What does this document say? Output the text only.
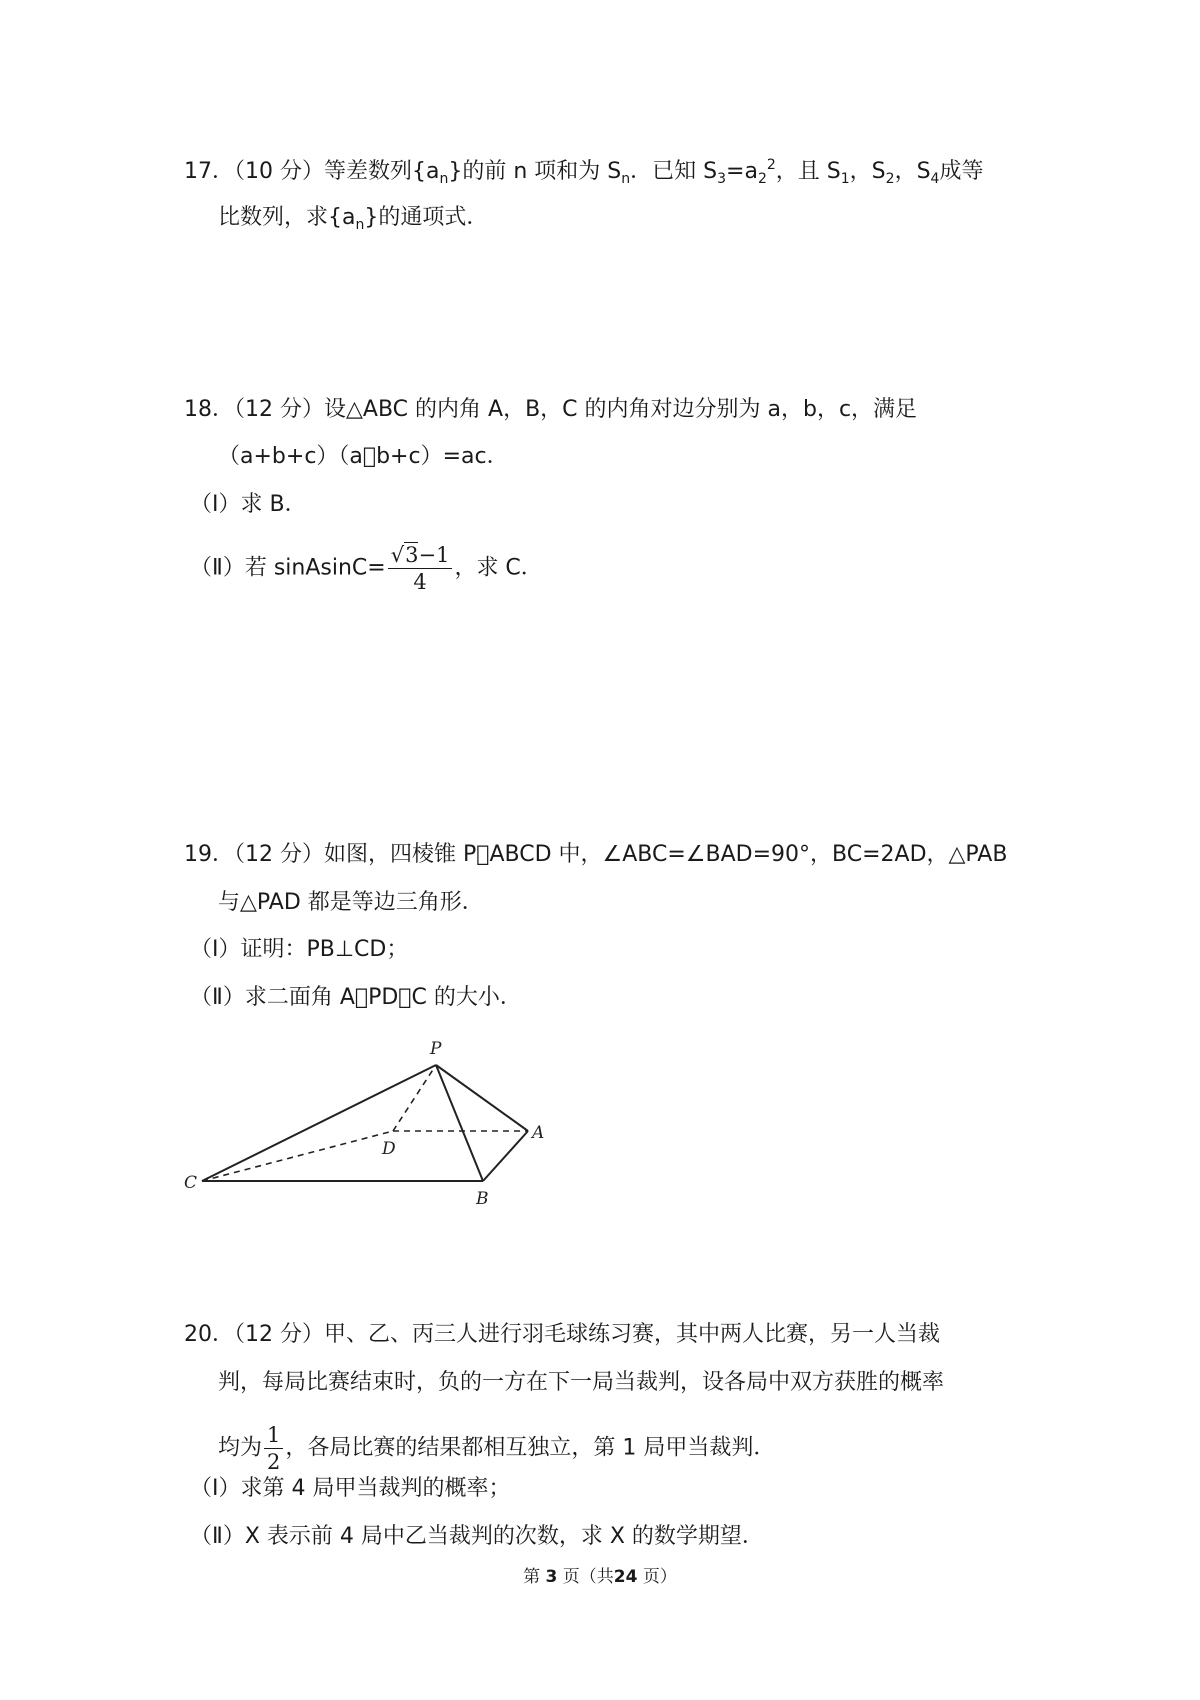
17．（10 分）等差数列$\{a_n\}$的前 n 项和为 $S_n$．已知 $S_3=a_2^2$，且 $S_1$，$S_2$，$S_4$成等
比数列，求$\{a_n\}$的通项式．
18．（12 分）设△ABC 的内角 A，B，C 的内角对边分别为 a，b，c，满足
（a+b+c）（a b+c）=ac．
（Ⅰ）求 B．
（Ⅱ）若 sinAsinC= $\frac{√3-1}{4}$ ，求 C．
19．（12 分）如图，四棱锥 P ABCD 中，∠ABC=∠BAD=90°，BC=2AD，△PAB
与△PAD 都是等边三角形．
（Ⅰ）证明：PB⊥CD；
（Ⅱ）求二面角 A PD C 的大小．
P
D
A
C
B
20．（12 分）甲、乙、丙三人进行羽毛球练习赛，其中两人比赛，另一人当裁
判，每局比赛结束时，负的一方在下一局当裁判，设各局中双方获胜的概率
均为 $\frac{1}{2}$ ，各局比赛的结果都相互独立，第 1 局甲当裁判．
（Ⅰ）求第 4 局甲当裁判的概率；
（Ⅱ）X 表示前 4 局中乙当裁判的次数，求 X 的数学期望．
第 3 页（共24 页）
